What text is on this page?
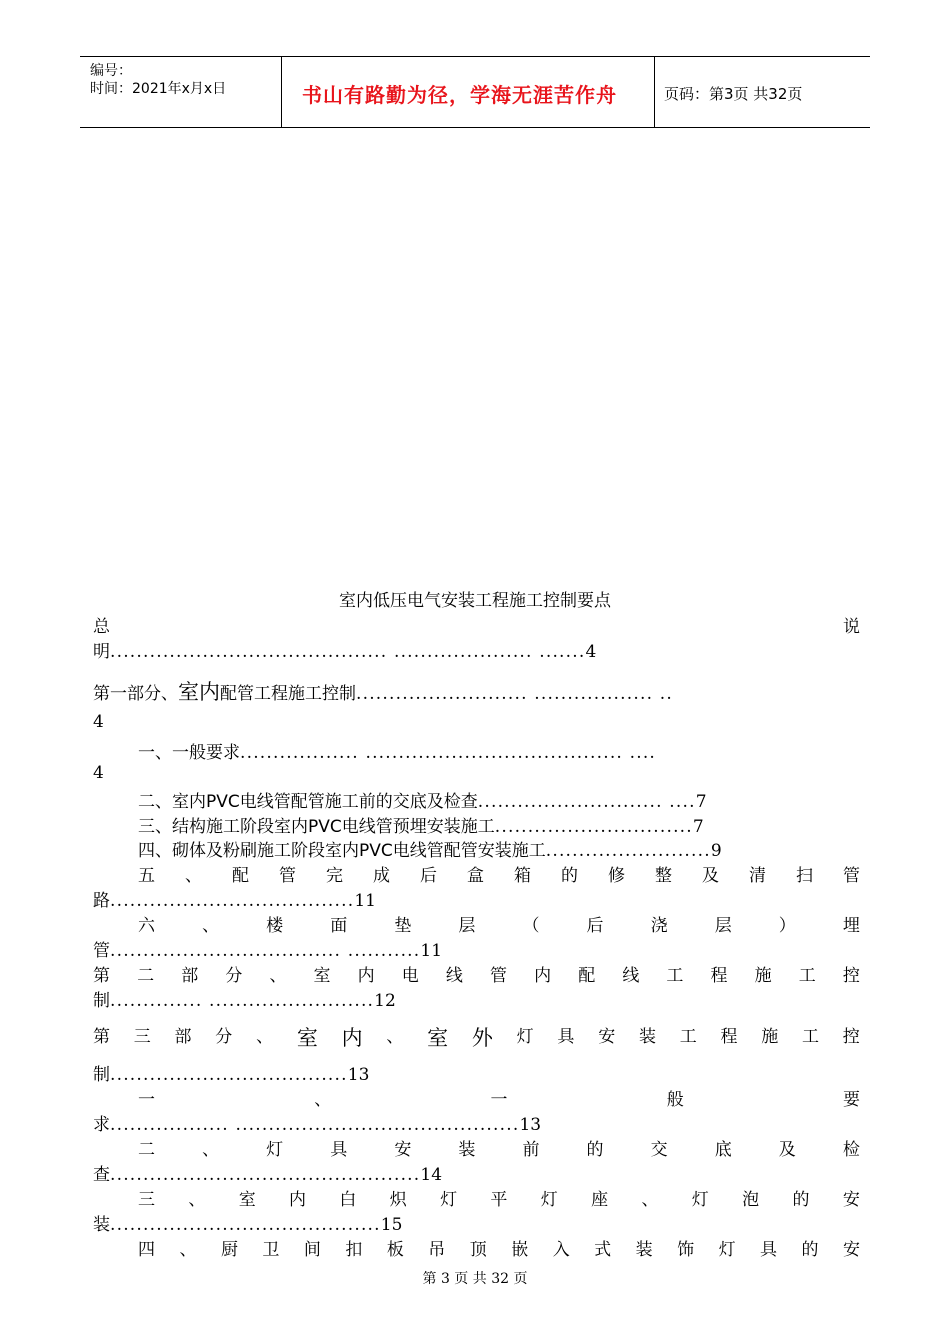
编号：
时间：2021年x月x日	书山有路勤为径，学海无涯苦作舟	页码：第3页 共32页
室内低压电气安装工程施工控制要点
总	说
明.......................................... ..................... .......4
第一部分、室内配管工程施工控制.......................... .................. ..
4
一、一般要求.................. ....................................... ....
4
二、室内PVC电线管配管施工前的交底及检查............................ ....7
三、结构施工阶段室内PVC电线管预埋安装施工..............................7
四、砌体及粉刷施工阶段室内PVC电线管配管安装施工.........................9
五 、 配 管 完 成 后 盒 箱 的 修 整 及 清 扫 管
路.....................................11
六	、	楼	面	垫	层	（	后	浇	层	）	埋
管................................... ...........11
第 二 部 分 、 室 内 电 线 管 内 配 线 工 程 施 工 控
制.............. .........................12
第 三 部 分 、 室 内 、 室 外 灯 具 安 装 工 程 施 工 控
制....................................13
一	、	一	般	要
求.................. ...........................................13
二	、	灯	具	安	装	前	的	交	底	及	检
查...............................................14
三 、 室 内 白 炽 灯 平 灯 座 、 灯 泡 的 安
装.........................................15
四 、 厨 卫 间 扣 板 吊 顶 嵌 入 式 装 饰 灯 具 的 安
第 3 页 共 32 页
